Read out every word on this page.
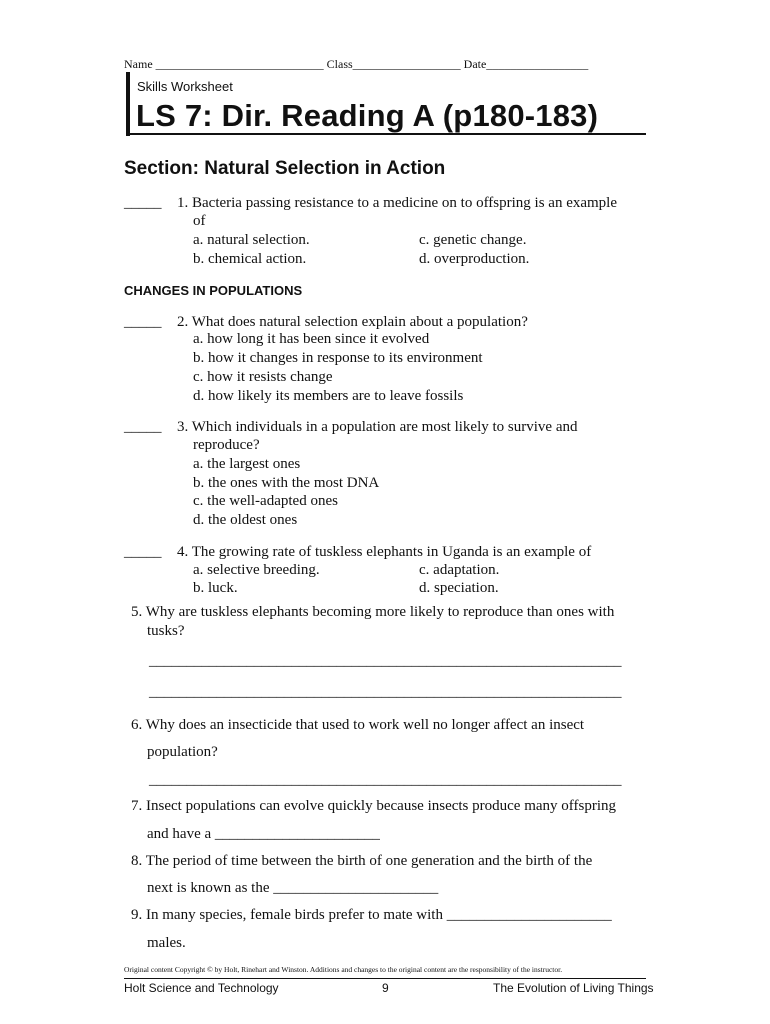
Name ____________________________ Class__________________ Date_________________
Skills Worksheet
LS 7: Dir. Reading A (p180-183)
Section: Natural Selection in Action
_____ 1. Bacteria passing resistance to a medicine on to offspring is an example
of
a. natural selection.
b. chemical action.
c. genetic change.
d. overproduction.
CHANGES IN POPULATIONS
_____ 2. What does natural selection explain about a population?
a. how long it has been since it evolved
b. how it changes in response to its environment
c. how it resists change
d. how likely its members are to leave fossils
_____ 3. Which individuals in a population are most likely to survive and
reproduce?
a. the largest ones
b. the ones with the most DNA
c. the well-adapted ones
d. the oldest ones
_____ 4. The growing rate of tuskless elephants in Uganda is an example of
a. selective breeding.
b. luck.
c. adaptation.
d. speciation.
5. Why are tuskless elephants becoming more likely to reproduce than ones with
tusks?
_______________________________________________________________
_______________________________________________________________
6. Why does an insecticide that used to work well no longer affect an insect
population?
_______________________________________________________________
7. Insect populations can evolve quickly because insects produce many offspring
and have a ______________________
8. The period of time between the birth of one generation and the birth of the
next is known as the ______________________
9. In many species, female birds prefer to mate with ______________________
males.
Original content Copyright © by Holt, Rinehart and Winston. Additions and changes to the original content are the responsibility of the instructor.
Holt Science and Technology	9	The Evolution of Living Things
